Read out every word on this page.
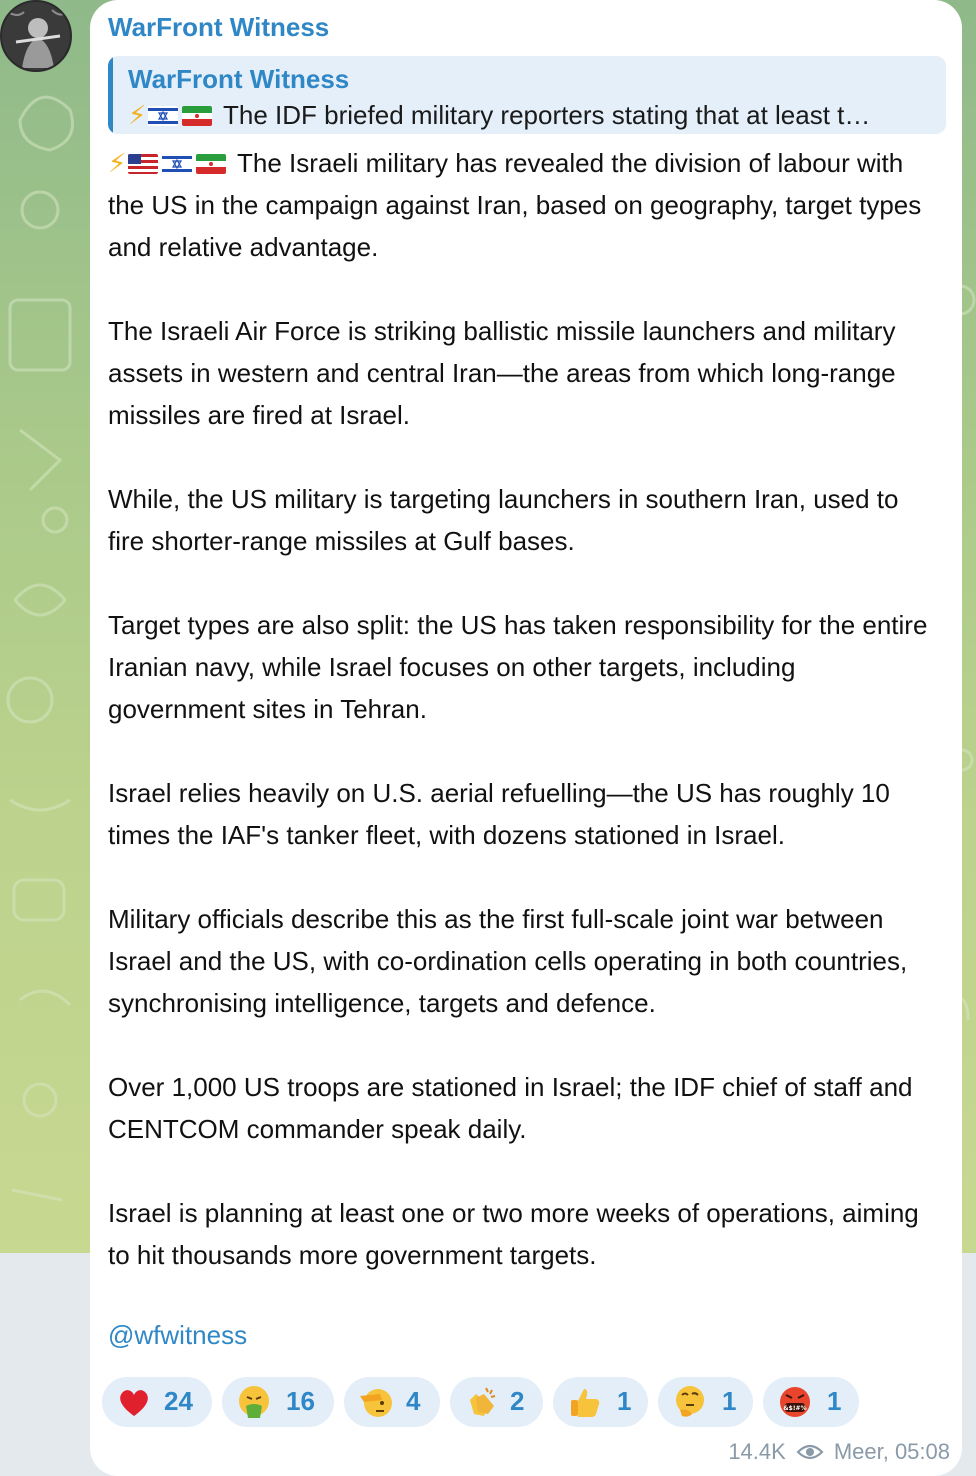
WarFront Witness
WarFront Witness
⚡	The IDF briefed military reporters stating that at least t…

⚡	The Israeli military has revealed the division of labour with the US in the campaign against Iran, based on geography, target types and relative advantage.

The Israeli Air Force is striking ballistic missile launchers and military assets in western and central Iran—the areas from which long-range missiles are fired at Israel.

While, the US military is targeting launchers in southern Iran, used to fire shorter-range missiles at Gulf bases.

Target types are also split: the US has taken responsibility for the entire Iranian navy, while Israel focuses on other targets, including government sites in Tehran.

Israel relies heavily on U.S. aerial refuelling—the US has roughly 10 times the IAF's tanker fleet, with dozens stationed in Israel.

Military officials describe this as the first full-scale joint war between Israel and the US, with co-ordination cells operating in both countries, synchronising intelligence, targets and defence.

Over 1,000 US troops are stationed in Israel; the IDF chief of staff and CENTCOM commander speak daily.

Israel is planning at least one or two more weeks of operations, aiming to hit thousands more government targets.

@wfwitness
24	16	4	2	1	1	&$!#% 1
14.4K Meer, 05:08
